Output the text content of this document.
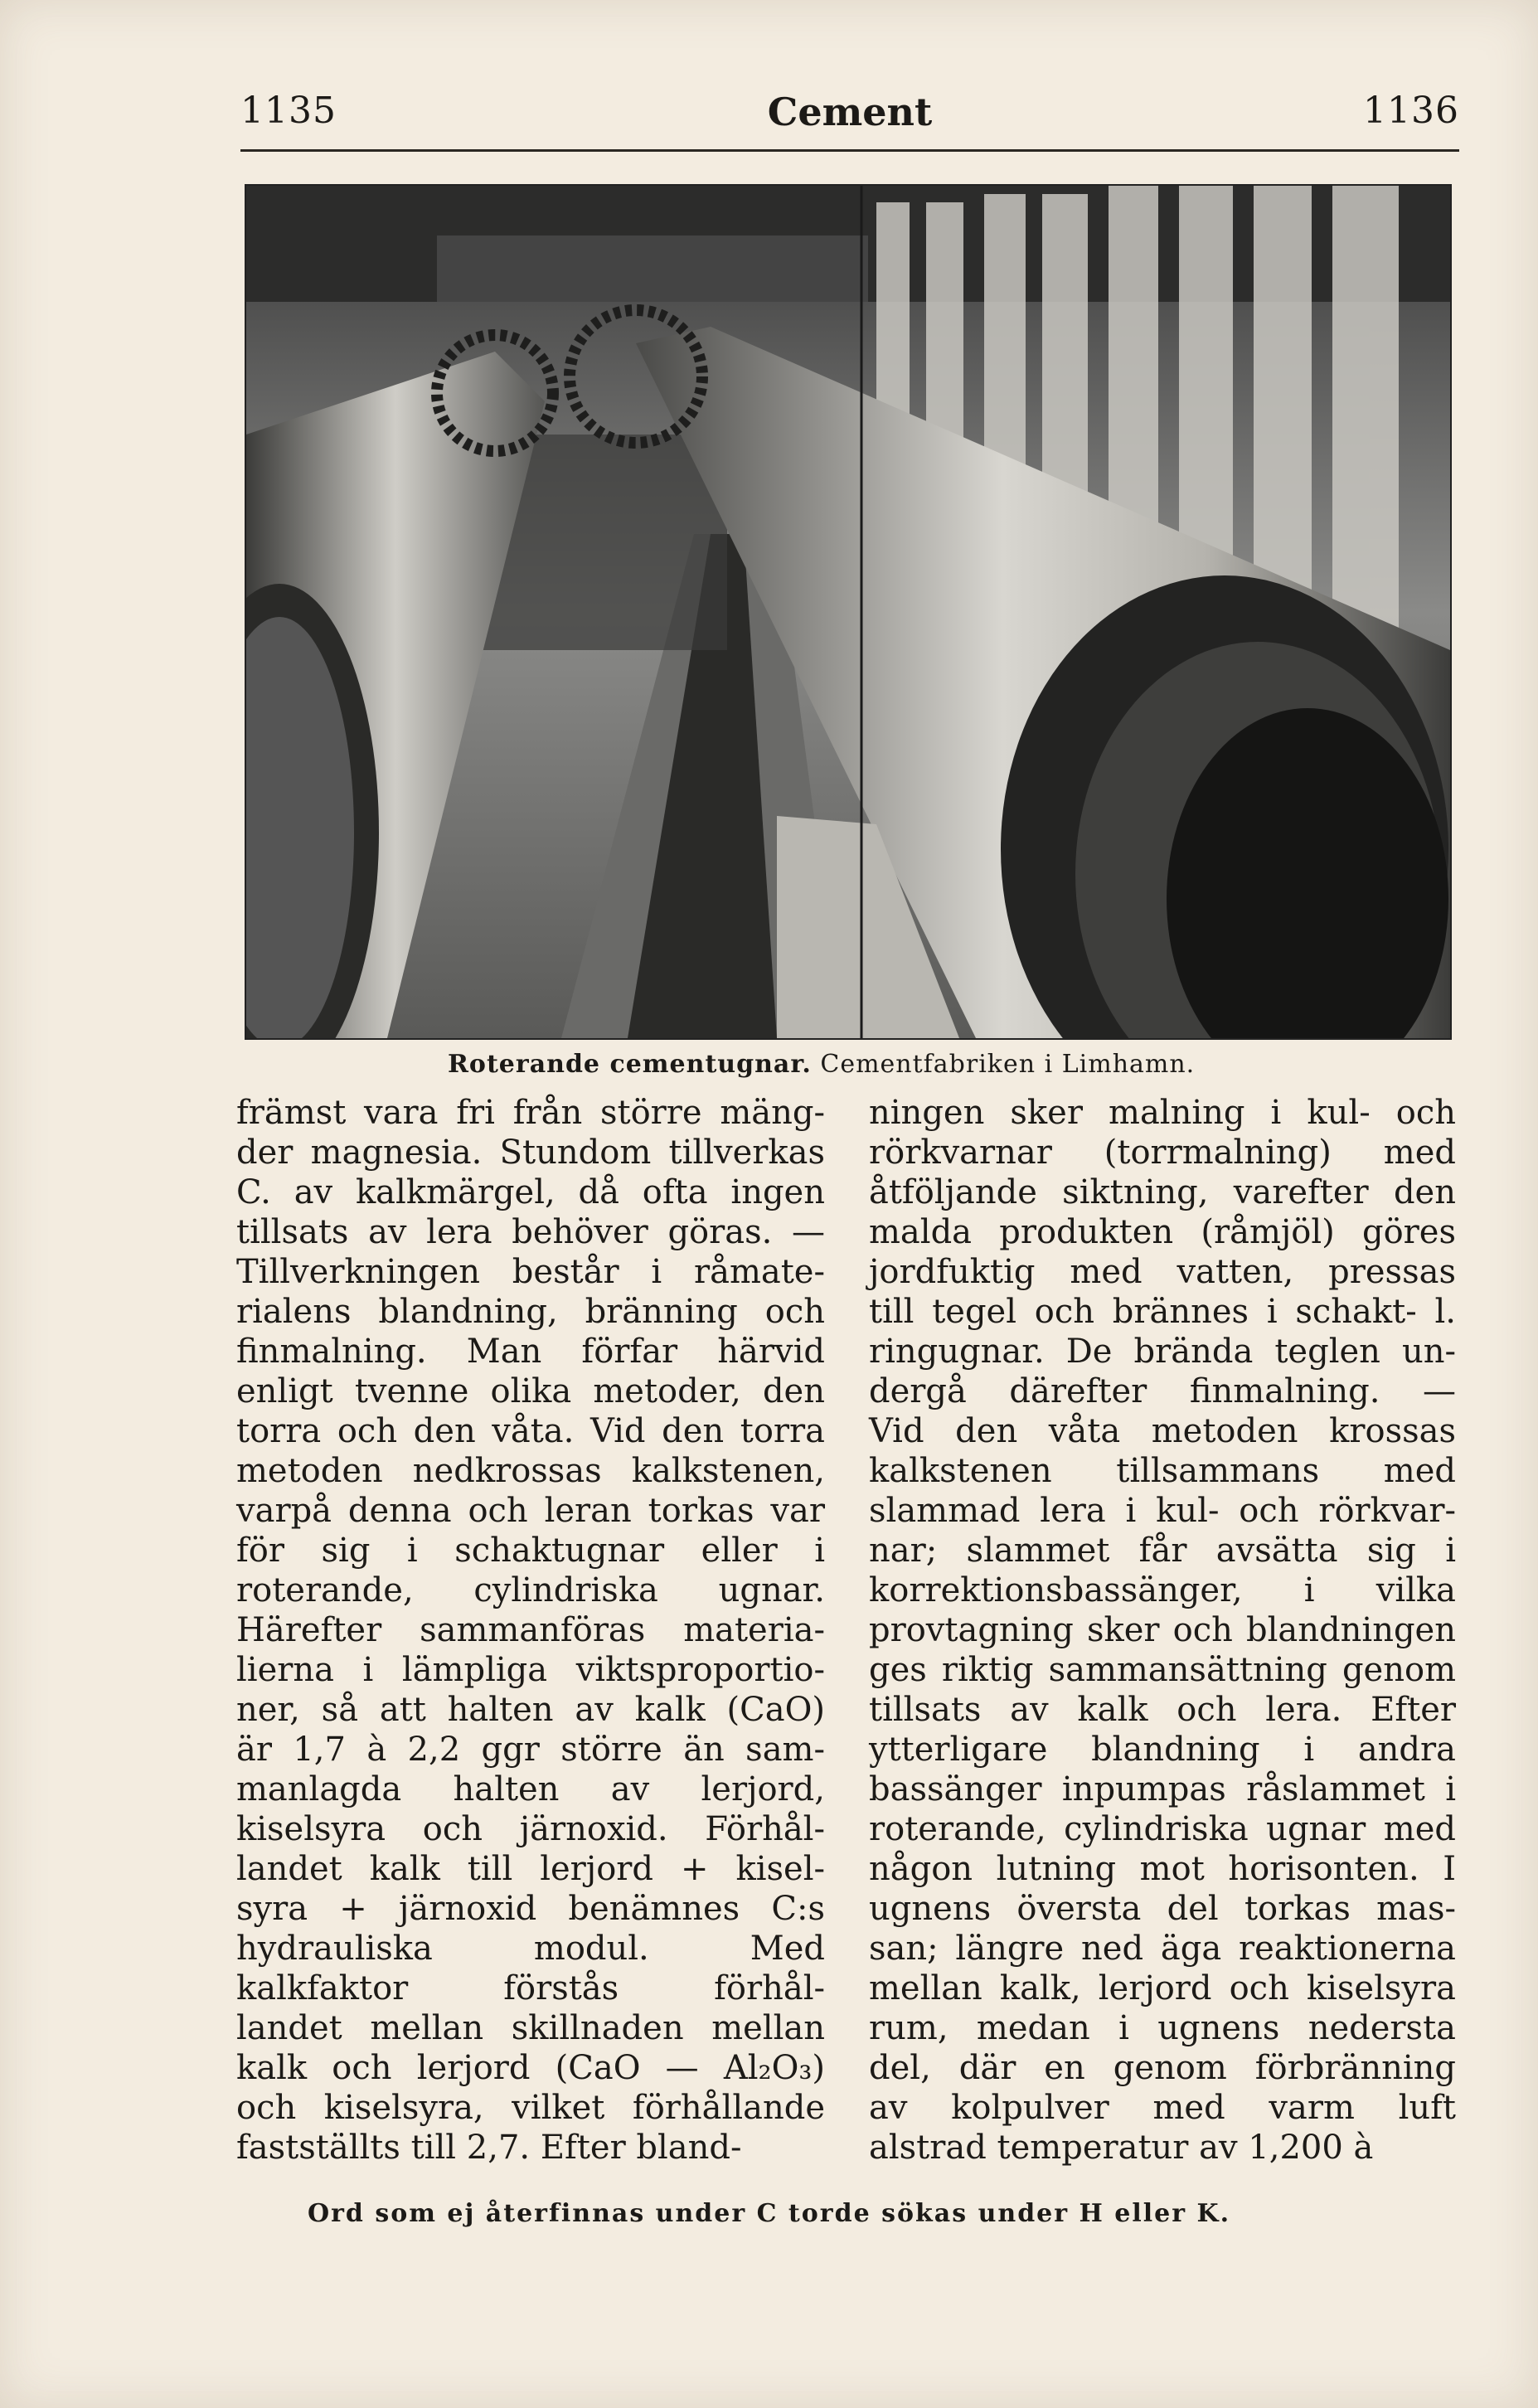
1135	Cement	1136
Roterande cementugnar. Cementfabriken i Limhamn.
främst vara fri från större mäng-
der magnesia. Stundom tillverkas
C. av kalkmärgel, då ofta ingen
tillsats av lera behöver göras. —
Tillverkningen består i råmate-
rialens blandning, bränning och
finmalning. Man förfar härvid
enligt tvenne olika metoder, den
torra och den våta. Vid den torra
metoden nedkrossas kalkstenen,
varpå denna och leran torkas var
för sig i schaktugnar eller i
roterande, cylindriska ugnar.
Härefter sammanföras materia-
lierna i lämpliga viktsproportio-
ner, så att halten av kalk (CaO)
är 1,7 à 2,2 ggr större än sam-
manlagda halten av lerjord,
kiselsyra och järnoxid. Förhål-
landet kalk till lerjord + kisel-
syra + järnoxid benämnes C:s
hydrauliska modul. Med
kalkfaktor förstås förhål-
landet mellan skillnaden mellan
kalk och lerjord (CaO — Al₂O₃)
och kiselsyra, vilket förhållande
fastställts till 2,7. Efter bland-
ningen sker malning i kul- och
rörkvarnar (torrmalning) med
åtföljande siktning, varefter den
malda produkten (råmjöl) göres
jordfuktig med vatten, pressas
till tegel och brännes i schakt- l.
ringugnar. De brända teglen un-
dergå därefter finmalning. —
Vid den våta metoden krossas
kalkstenen tillsammans med
slammad lera i kul- och rörkvar-
nar; slammet får avsätta sig i
korrektionsbassänger, i vilka
provtagning sker och blandningen
ges riktig sammansättning genom
tillsats av kalk och lera. Efter
ytterligare blandning i andra
bassänger inpumpas råslammet i
roterande, cylindriska ugnar med
någon lutning mot horisonten. I
ugnens översta del torkas mas-
san; längre ned äga reaktionerna
mellan kalk, lerjord och kiselsyra
rum, medan i ugnens nedersta
del, där en genom förbränning
av kolpulver med varm luft
alstrad temperatur av 1,200 à
Ord som ej återfinnas under C torde sökas under H eller K.
